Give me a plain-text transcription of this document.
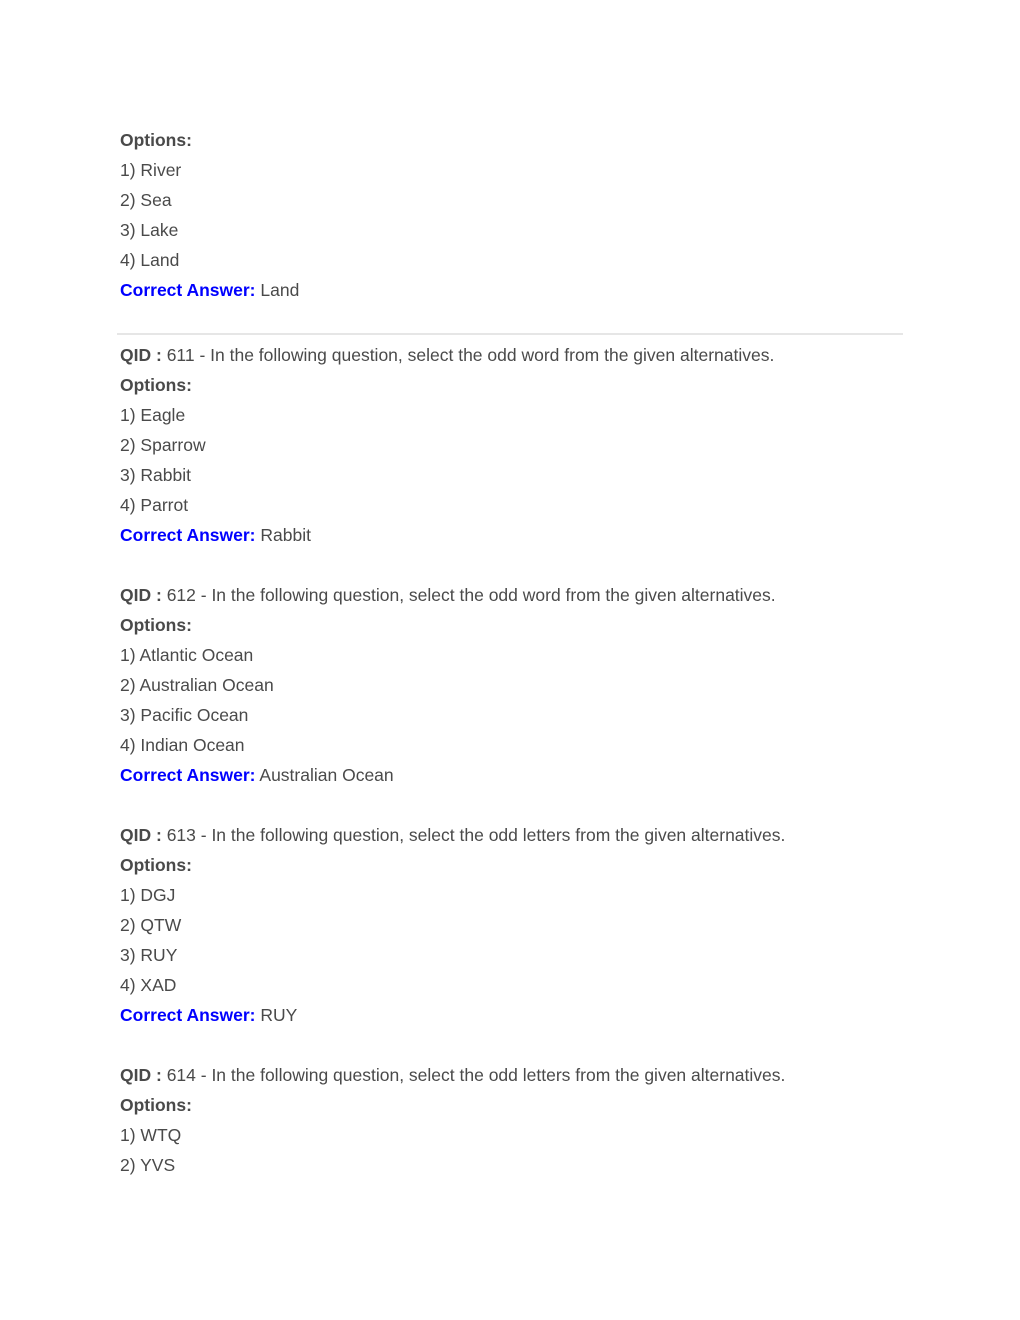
Options:
1) River
2) Sea
3) Lake
4) Land
Correct Answer: Land
QID : 611 - In the following question, select the odd word from the given alternatives.
Options:
1) Eagle
2) Sparrow
3) Rabbit
4) Parrot
Correct Answer: Rabbit
QID : 612 - In the following question, select the odd word from the given alternatives.
Options:
1) Atlantic Ocean
2) Australian Ocean
3) Pacific Ocean
4) Indian Ocean
Correct Answer: Australian Ocean
QID : 613 - In the following question, select the odd letters from the given alternatives.
Options:
1) DGJ
2) QTW
3) RUY
4) XAD
Correct Answer: RUY
QID : 614 - In the following question, select the odd letters from the given alternatives.
Options:
1) WTQ
2) YVS
